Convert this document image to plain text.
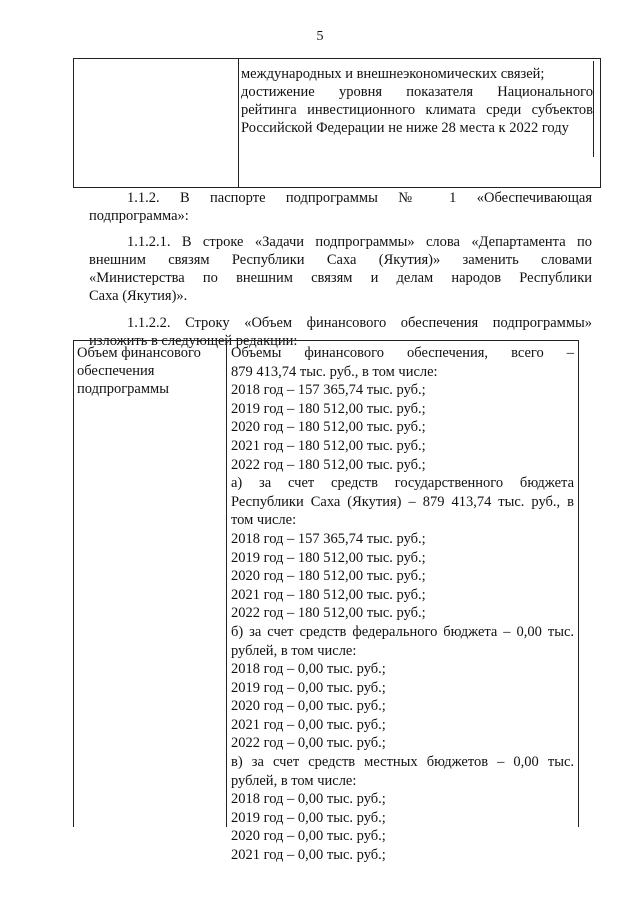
5
международных и внешнеэкономических связей;
достижение уровня показателя Национального
рейтинга инвестиционного климата среди субъектов
Российской Федерации не ниже 28 места к 2022 году
1.1.2. В паспорте подпрограммы № 1 «Обеспечивающая
подпрограмма»:
1.1.2.1. В строке «Задачи подпрограммы» слова «Департамента по
внешним связям Республики Саха (Якутия)» заменить словами
«Министерства по внешним связям и делам народов Республики
Саха (Якутия)».
1.1.2.2. Строку «Объем финансового обеспечения подпрограммы»
изложить в следующей редакции:
Объем финансового
обеспечения
подпрограммы
Объемы финансового обеспечения, всего –
879 413,74 тыс. руб., в том числе:
2018 год – 157 365,74 тыс. руб.;
2019 год – 180 512,00 тыс. руб.;
2020 год – 180 512,00 тыс. руб.;
2021 год – 180 512,00 тыс. руб.;
2022 год – 180 512,00 тыс. руб.;
а) за счет средств государственного бюджета
Республики Саха (Якутия) – 879 413,74 тыс. руб., в
том числе:
2018 год – 157 365,74 тыс. руб.;
2019 год – 180 512,00 тыс. руб.;
2020 год – 180 512,00 тыс. руб.;
2021 год – 180 512,00 тыс. руб.;
2022 год – 180 512,00 тыс. руб.;
б) за счет средств федерального бюджета – 0,00 тыс.
рублей, в том числе:
2018 год – 0,00 тыс. руб.;
2019 год – 0,00 тыс. руб.;
2020 год – 0,00 тыс. руб.;
2021 год – 0,00 тыс. руб.;
2022 год – 0,00 тыс. руб.;
в) за счет средств местных бюджетов – 0,00 тыс.
рублей, в том числе:
2018 год – 0,00 тыс. руб.;
2019 год – 0,00 тыс. руб.;
2020 год – 0,00 тыс. руб.;
2021 год – 0,00 тыс. руб.;
